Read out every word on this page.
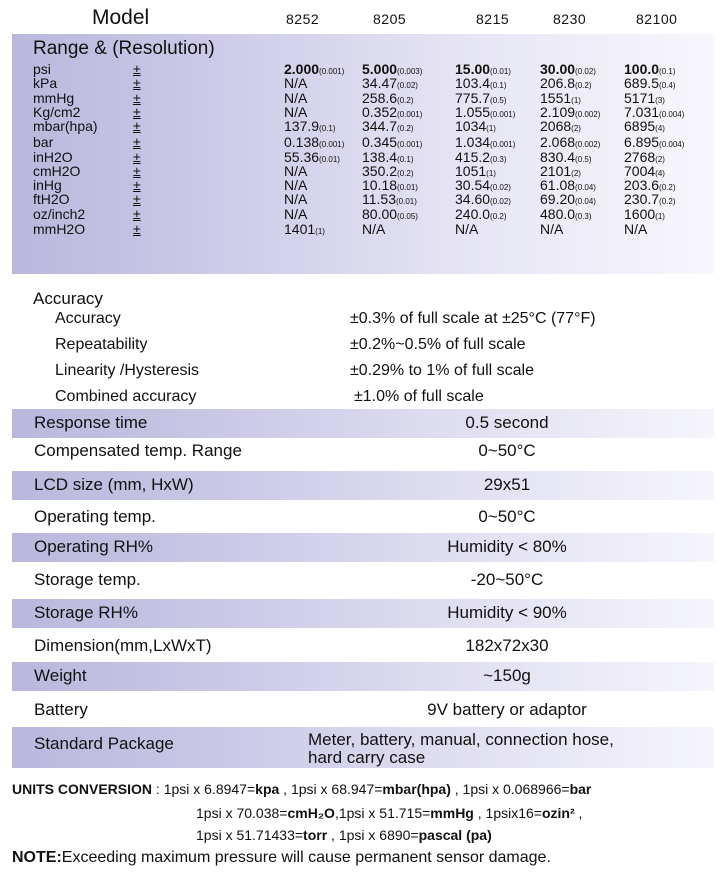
Model	8252	8205	8215	8230	82100
Range & (Resolution)
psi	±	2.000(0.001) 5.000(0.003) 15.00(0.01) 30.00(0.02) 100.0(0.1)
kPa	±	N/A	34.47(0.02)	103.4(0.1) 206.8(0.2) 689.5(0.4)
mmHg	±	N/A	258.6(0.2)	775.7(0.5) 1551(1)	5171(3)
Kg/cm2	±	N/A	0.352(0.001) 1.055(0.001) 2.109(0.002) 7.031(0.004)
mbar(hpa)	±	137.9(0.1) 344.7(0.2)	1034(1)	2068(2)	6895(4)
bar	±	0.138(0.001) 0.345(0.001) 1.034(0.001) 2.068(0.002) 6.895(0.004)
inH2O	±	55.36(0.01) 138.4(0.1)	415.2(0.3) 830.4(0.5) 2768(2)
cmH2O	±	N/A	350.2(0.2)	1051(1)	2101(2)	7004(4)
inHg	±	N/A	10.18(0.01)	30.54(0.02) 61.08(0.04) 203.6(0.2)
ftH2O	±	N/A	11.53(0.01)	34.60(0.02) 69.20(0.04) 230.7(0.2)
oz/inch2	±	N/A	80.00(0.05)	240.0(0.2) 480.0(0.3) 1600(1)
mmH2O	±	1401(1)	N/A	N/A	N/A	N/A
Accuracy
Accuracy	±0.3% of full scale at ±25°C (77°F)
Repeatability	±0.2%~0.5% of full scale
Linearity /Hysteresis	±0.29% to 1% of full scale
Combined accuracy	±1.0% of full scale
Response time	0.5 second
Compensated temp. Range	0~50°C
LCD size (mm, HxW)	29x51
Operating temp.	0~50°C
Operating RH%	Humidity < 80%
Storage temp.	-20~50°C
Storage RH%	Humidity < 90%
Dimension(mm,LxWxT)	182x72x30
Weight	~150g
Battery	9V battery or adaptor
Standard Package	Meter, battery, manual, connection hose,
hard carry case
UNITS CONVERSION : 1psi x 6.8947=kpa , 1psi x 68.947=mbar(hpa) , 1psi x 0.068966=bar
1psi x 70.038=cmH₂O,1psi x 51.715=mmHg , 1psix16=ozin² ,
1psi x 51.71433=torr , 1psi x 6890=pascal (pa)
NOTE:Exceeding maximum pressure will cause permanent sensor damage.
